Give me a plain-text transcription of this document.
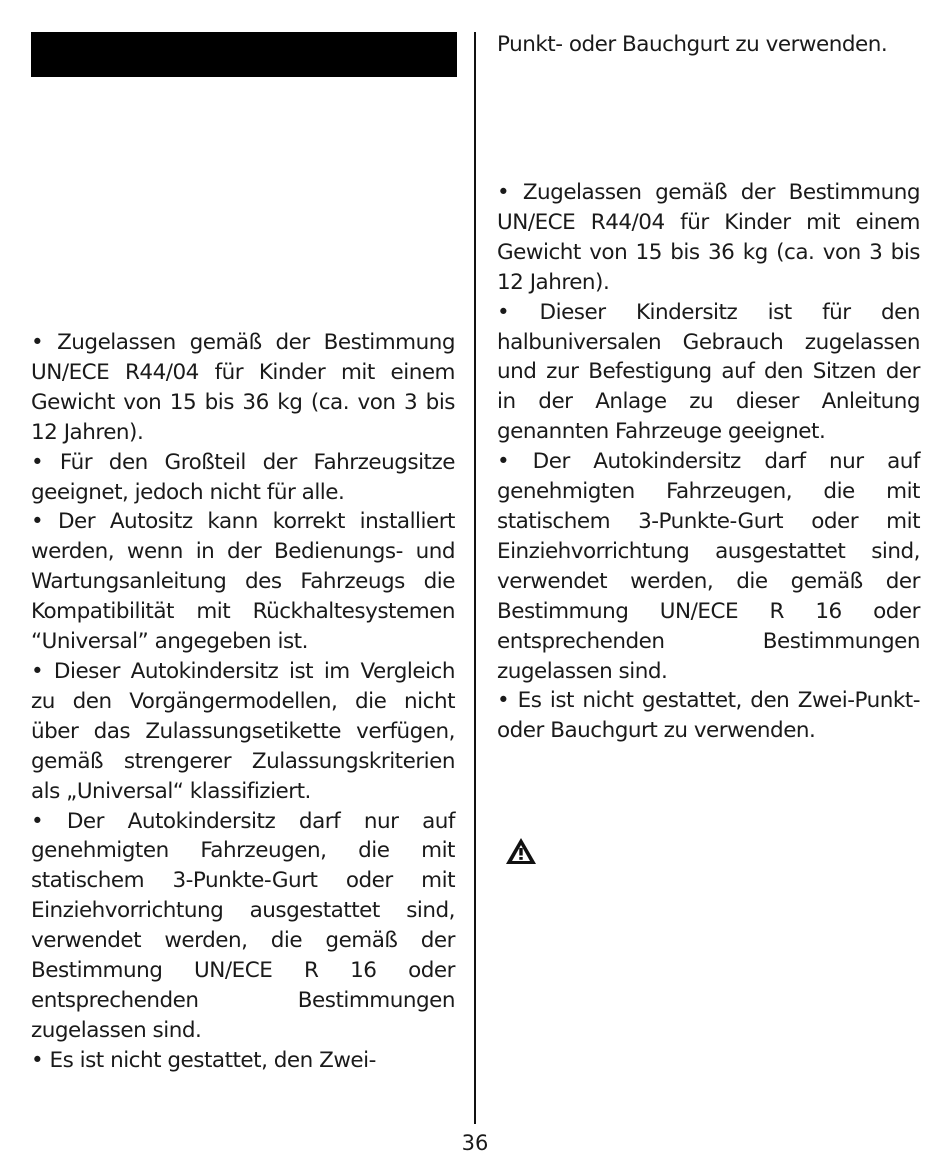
• Zugelassen gemäß der Bestimmung UN/ECE R44/04 für Kinder mit einem Gewicht von 15 bis 36 kg (ca. von 3 bis 12 Jahren).

• Für den Großteil der Fahrzeugsitze geeignet, jedoch nicht für alle.

• Der Autositz kann korrekt installiert werden, wenn in der Bedienungs- und Wartungsanleitung des Fahrzeugs die Kompatibilität mit Rückhaltesystemen “Universal” angegeben ist.

• Dieser Autokindersitz ist im Vergleich zu den Vorgängermodellen, die nicht über das Zulassungsetikette verfügen, gemäß strengerer Zulassungskriterien als „Universal“ klassifiziert.

• Der Autokindersitz darf nur auf genehmigten Fahrzeugen, die mit statischem 3-Punkte-Gurt oder mit Einziehvorrichtung ausgestattet sind, verwendet werden, die gemäß der Bestimmung UN/ECE R 16 oder entsprechenden Bestimmungen zugelassen sind.

• Es ist nicht gestattet, den Zwei-

Punkt- oder Bauchgurt zu verwenden.

• Zugelassen gemäß der Bestimmung UN/ECE R44/04 für Kinder mit einem Gewicht von 15 bis 36 kg (ca. von 3 bis 12 Jahren).

• Dieser Kindersitz ist für den halbuniversalen Gebrauch zugelassen und zur Befestigung auf den Sitzen der in der Anlage zu dieser Anleitung genannten Fahrzeuge geeignet.

• Der Autokindersitz darf nur auf genehmigten Fahrzeugen, die mit statischem 3-Punkte-Gurt oder mit Einziehvorrichtung ausgestattet sind, verwendet werden, die gemäß der Bestimmung UN/ECE R 16 oder entsprechenden Bestimmungen zugelassen sind.

• Es ist nicht gestattet, den Zwei-Punkt- oder Bauchgurt zu verwenden.

36
